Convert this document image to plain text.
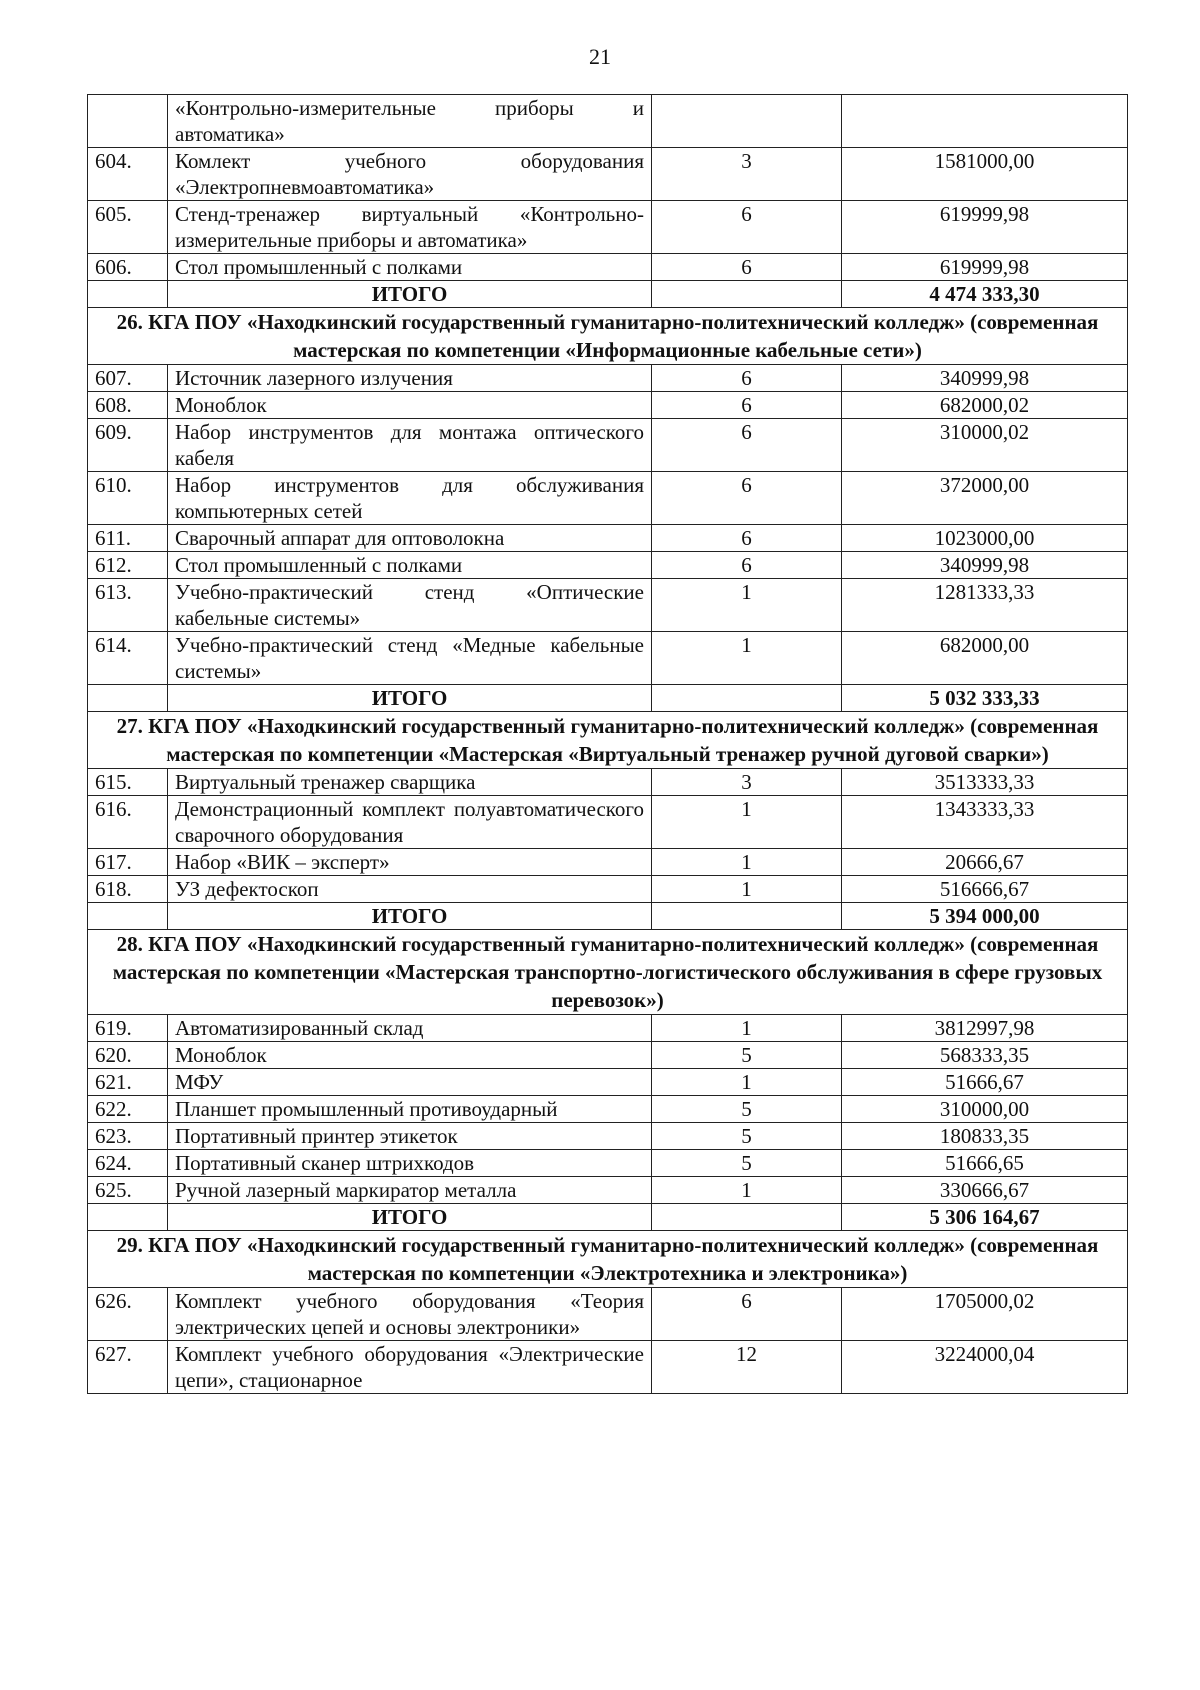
21
	«Контрольно-измерительные приборы и автоматика»		
604.	Комлект учебного оборудования «Электропневмоавтоматика»	3	1581000,00
605.	Стенд-тренажер виртуальный «Контрольно-измерительные приборы и автоматика»	6	619999,98
606.	Стол промышленный с полками	6	619999,98
	ИТОГО		4 474 333,30
26. КГА ПОУ «Находкинский государственный гуманитарно-политехнический колледж» (современная мастерская по компетенции «Информационные кабельные сети»)			
607.	Источник лазерного излучения	6	340999,98
608.	Моноблок	6	682000,02
609.	Набор инструментов для монтажа оптического кабеля	6	310000,02
610.	Набор инструментов для обслуживания компьютерных сетей	6	372000,00
611.	Сварочный аппарат для оптоволокна	6	1023000,00
612.	Стол промышленный с полками	6	340999,98
613.	Учебно-практический стенд «Оптические кабельные системы»	1	1281333,33
614.	Учебно-практический стенд «Медные кабельные системы»	1	682000,00
	ИТОГО		5 032 333,33
27. КГА ПОУ «Находкинский государственный гуманитарно-политехнический колледж» (современная мастерская по компетенции «Мастерская «Виртуальный тренажер ручной дуговой сварки»)			
615.	Виртуальный тренажер сварщика	3	3513333,33
616.	Демонстрационный комплект полуавтоматического сварочного оборудования	1	1343333,33
617.	Набор «ВИК – эксперт»	1	20666,67
618.	УЗ дефектоскоп	1	516666,67
	ИТОГО		5 394 000,00
28. КГА ПОУ «Находкинский государственный гуманитарно-политехнический колледж» (современная мастерская по компетенции «Мастерская транспортно-логистического обслуживания в сфере грузовых перевозок»)			
619.	Автоматизированный склад	1	3812997,98
620.	Моноблок	5	568333,35
621.	МФУ	1	51666,67
622.	Планшет промышленный противоударный	5	310000,00
623.	Портативный принтер этикеток	5	180833,35
624.	Портативный сканер штрихкодов	5	51666,65
625.	Ручной лазерный маркиратор металла	1	330666,67
	ИТОГО		5 306 164,67
29. КГА ПОУ «Находкинский государственный гуманитарно-политехнический колледж» (современная мастерская по компетенции «Электротехника и электроника»)			
626.	Комплект учебного оборудования «Теория электрических цепей и основы электроники»	6	1705000,02
627.	Комплект учебного оборудования «Электрические цепи», стационарное	12	3224000,04
